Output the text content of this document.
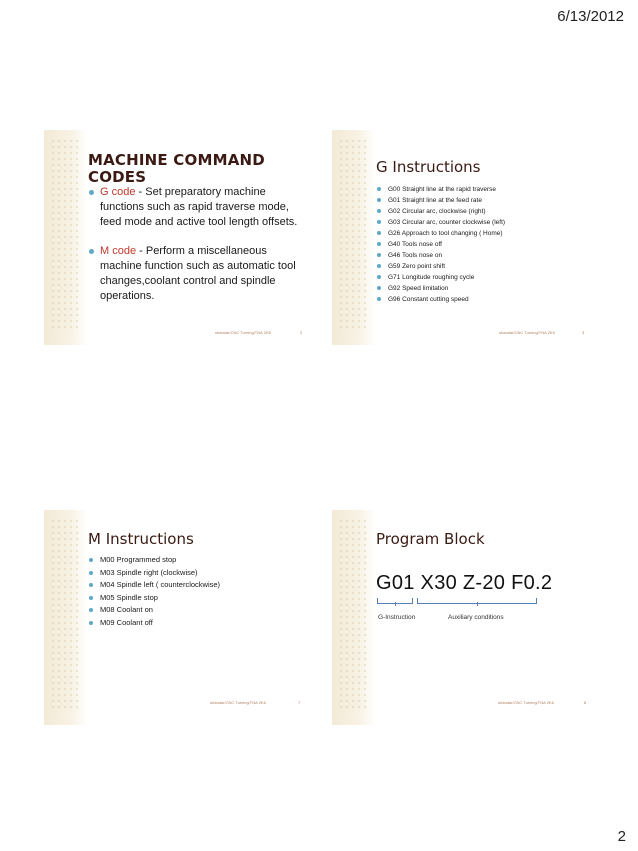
6/13/2012
MACHINE COMMAND CODES
G code - Set preparatory machine functions such as rapid traverse mode, feed mode and active tool length offsets.
M code - Perform a miscellaneous machine function such as automatic tool changes,coolant control and spindle operations.
shandar/CNC Turning/TNA 2K6	2
G Instructions
G00 Straight line at the rapid traverse
G01 Straight line at the feed rate
G02 Circular arc, clockwise (right)
G03 Circular arc, counter clockwise (left)
G26 Approach to tool changing ( Home)
G40 Tools nose off
G46 Tools nose on
G59 Zero point shift
G71 Longitude roughing cycle
G92 Speed limitation
G96 Constant cutting speed
shandar/CNC Turning/TNA 2K6	3
M Instructions
M00 Programmed stop
M03 Spindle right (clockwise)
M04 Spindle left ( counterclockwise)
M05 Spindle stop
M08 Coolant on
M09 Coolant off
shandar/CNC Turning/TNA 2K6	7
Program Block
G01 X30 Z-20 F0.2
G-Instruction	Auxiliary conditions
shandar/CNC Turning/TNA 2K6	8
2
